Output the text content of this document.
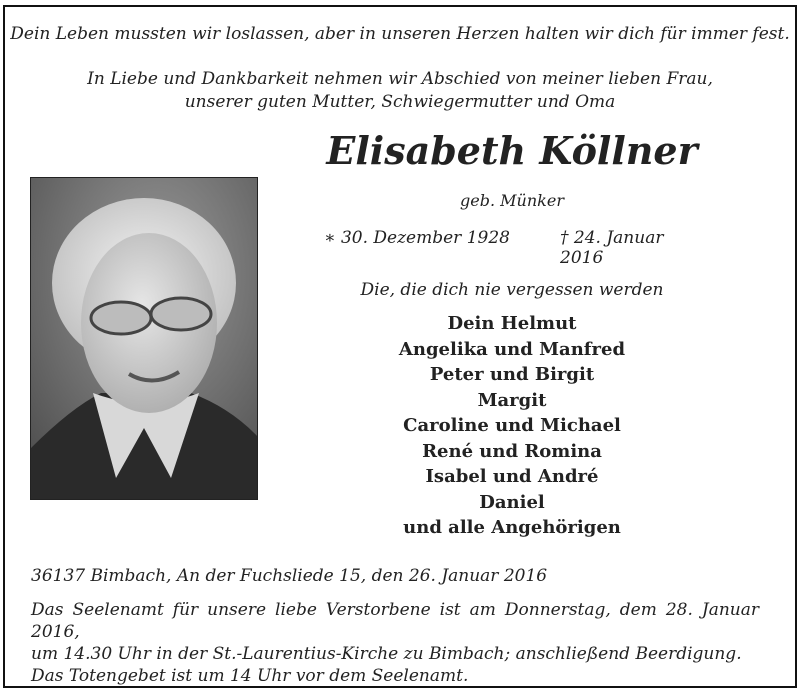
Dein Leben mussten wir loslassen, aber in unseren Herzen halten wir dich für immer fest.
In Liebe und Dankbarkeit nehmen wir Abschied von meiner lieben Frau,
unserer guten Mutter, Schwiegermutter und Oma
Elisabeth Köllner
geb. Münker
∗ 30. Dezember 1928	† 24. Januar 2016
Die, die dich nie vergessen werden
Dein Helmut
Angelika und Manfred
Peter und Birgit
Margit
Caroline und Michael
René und Romina
Isabel und André
Daniel
und alle Angehörigen
36137 Bimbach, An der Fuchsliede 15, den 26. Januar 2016
Das Seelenamt für unsere liebe Verstorbene ist am Donnerstag, dem 28. Januar 2016,
um 14.30 Uhr in der St.-Laurentius-Kirche zu Bimbach; anschließend Beerdigung.
Das Totengebet ist um 14 Uhr vor dem Seelenamt.
